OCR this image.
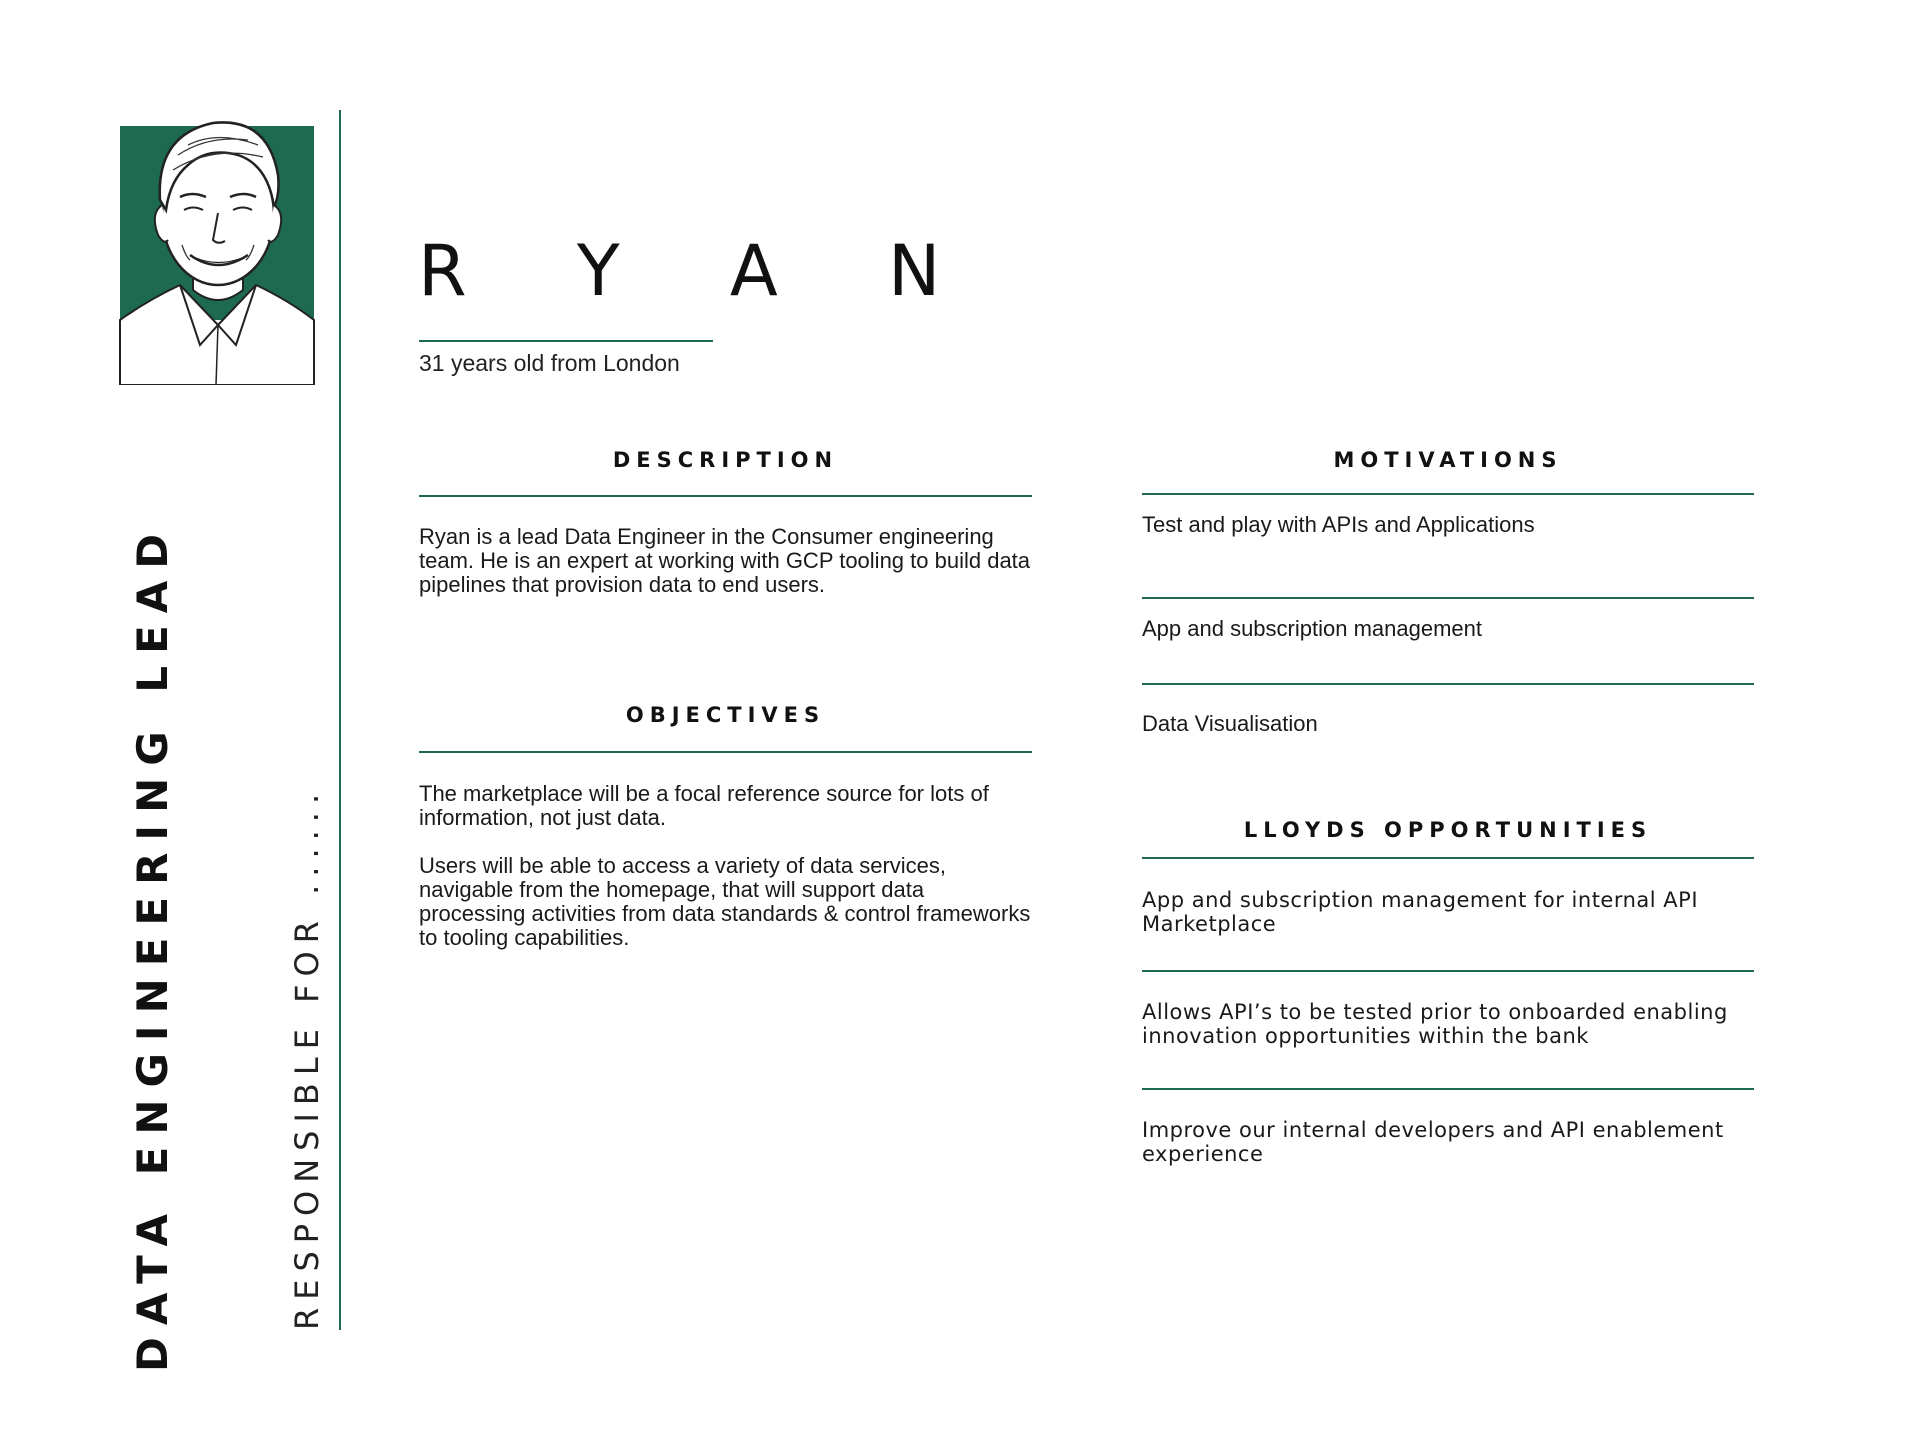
DATA ENGINEERING LEAD	RESPONSIBLE FOR ......
R Y A N
31 years old from London
DESCRIPTION

Ryan is a lead Data Engineer in the Consumer engineering team. He is an expert at working with GCP tooling to build data pipelines that provision data to end users.

OBJECTIVES

The marketplace will be a focal reference source for lots of information, not just data.

Users will be able to access a variety of data services, navigable from the homepage, that will support data processing activities from data standards & control frameworks to tooling capabilities.

MOTIVATIONS
Test and play with APIs and Applications
App and subscription management
Data Visualisation
LLOYDS OPPORTUNITIES
App and subscription management for internal API Marketplace
Allows API’s to be tested prior to onboarded enabling innovation opportunities within the bank
Improve our internal developers and API enablement experience
